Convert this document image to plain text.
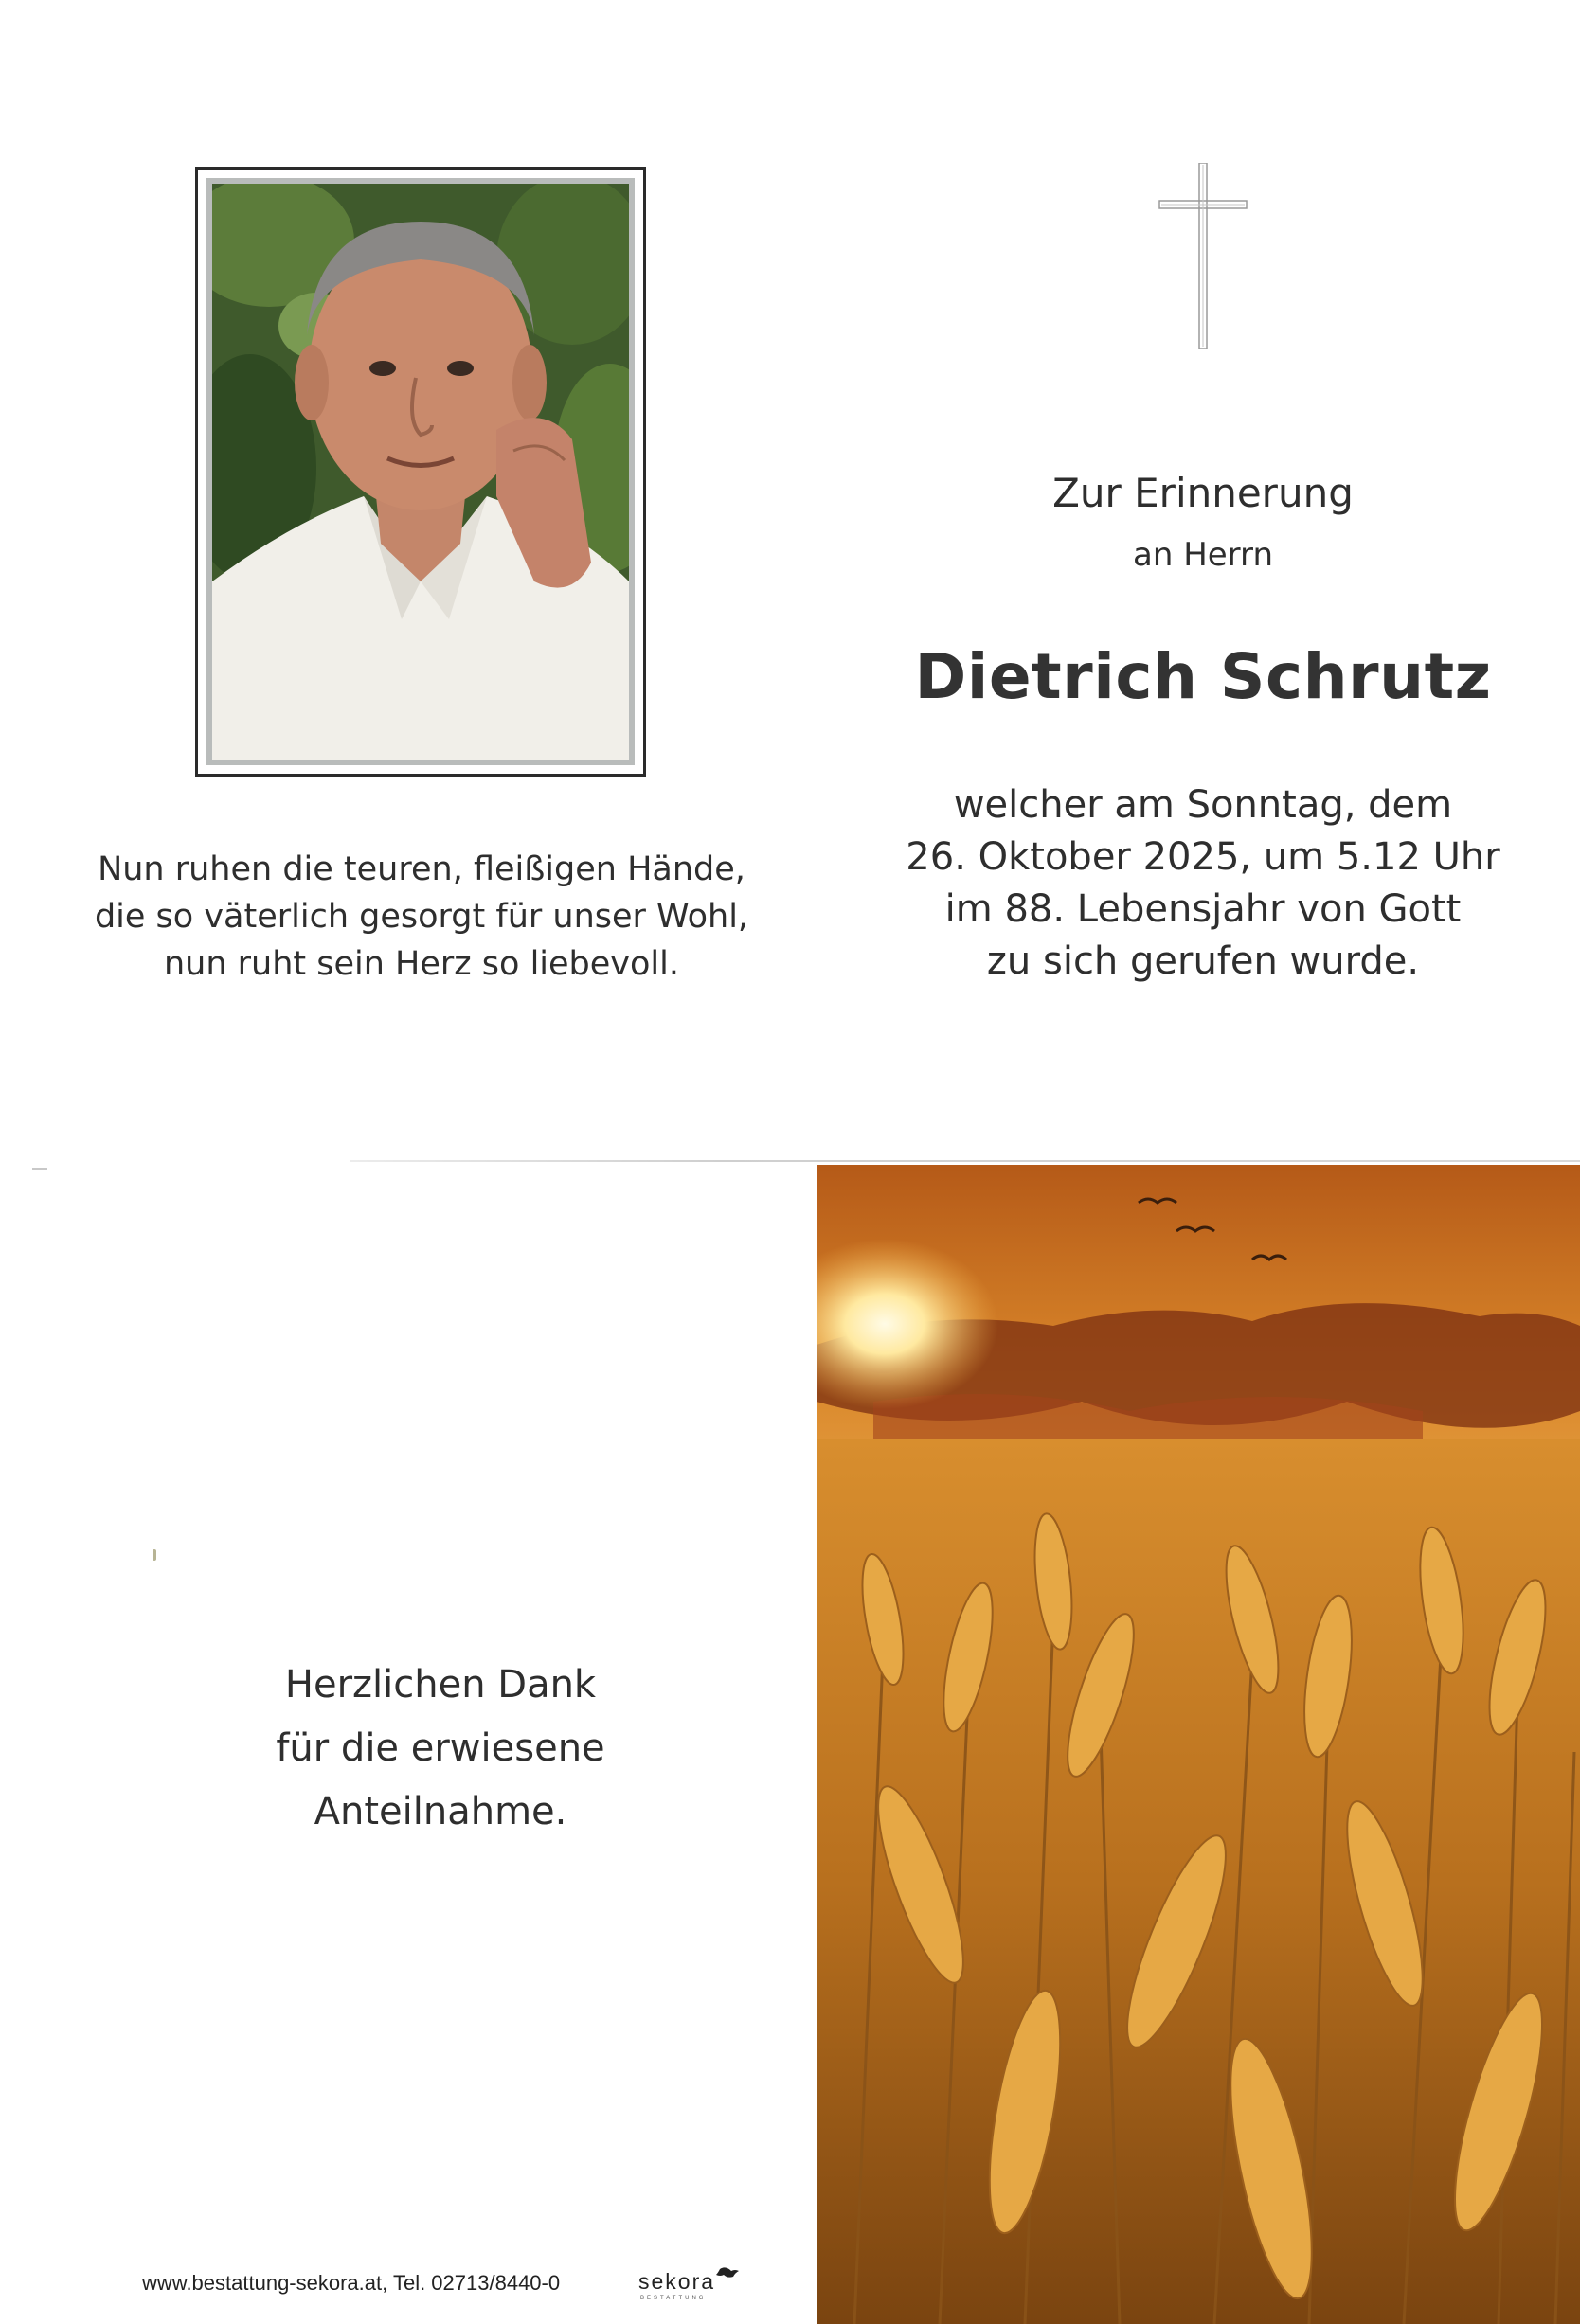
Zur Erinnerung
an Herrn
Dietrich Schrutz
welcher am Sonntag, dem
26. Oktober 2025, um 5.12 Uhr
im 88. Lebensjahr von Gott
zu sich gerufen wurde.
Nun ruhen die teuren, fleißigen Hände,
die so väterlich gesorgt für unser Wohl,
nun ruht sein Herz so liebevoll.
Herzlichen Dank
für die erwiesene
Anteilnahme.
www.bestattung-sekora.at, Tel. 02713/8440-0	sekora
BESTATTUNG
